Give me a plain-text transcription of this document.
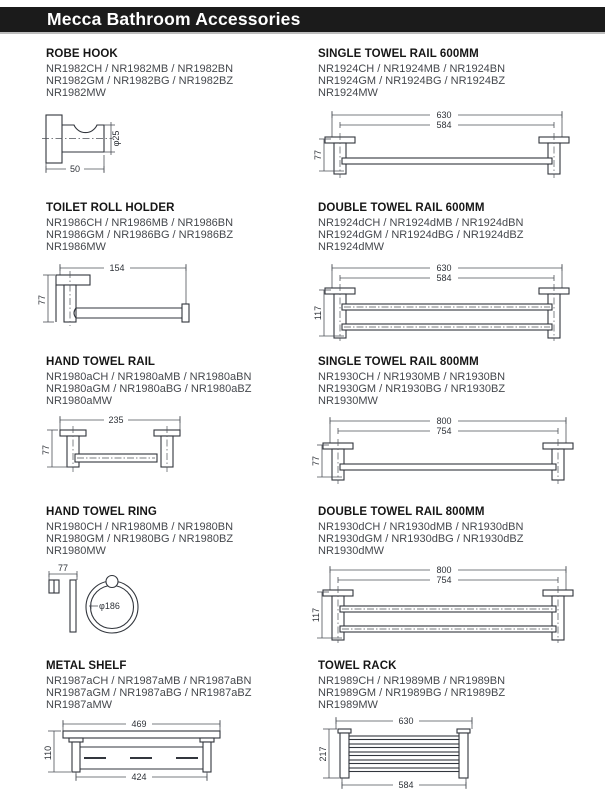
Mecca Bathroom Accessories
ROBE HOOK
NR1982CH / NR1982MB / NR1982BN
NR1982GM / NR1982BG / NR1982BZ
NR1982MW
φ25
50
SINGLE TOWEL RAIL 600MM
NR1924CH / NR1924MB / NR1924BN
NR1924GM / NR1924BG / NR1924BZ
NR1924MW
630
584
77
TOILET ROLL HOLDER
NR1986CH / NR1986MB / NR1986BN
NR1986GM / NR1986BG / NR1986BZ
NR1986MW
154
77
DOUBLE TOWEL RAIL 600MM
NR1924dCH / NR1924dMB / NR1924dBN
NR1924dGM / NR1924dBG / NR1924dBZ
NR1924dMW
630
584
117
HAND TOWEL RAIL
NR1980aCH / NR1980aMB / NR1980aBN
NR1980aGM / NR1980aBG / NR1980aBZ
NR1980aMW
235
77
SINGLE TOWEL RAIL 800MM
NR1930CH / NR1930MB / NR1930BN
NR1930GM / NR1930BG / NR1930BZ
NR1930MW
800
754
77
HAND TOWEL RING
NR1980CH / NR1980MB / NR1980BN
NR1980GM / NR1980BG / NR1980BZ
NR1980MW
77
φ186
DOUBLE TOWEL RAIL 800MM
NR1930dCH / NR1930dMB / NR1930dBN
NR1930dGM / NR1930dBG / NR1930dBZ
NR1930dMW
800
754
117
METAL SHELF
NR1987aCH / NR1987aMB / NR1987aBN
NR1987aGM / NR1987aBG / NR1987aBZ
NR1987aMW
469
424
110
TOWEL RACK
NR1989CH / NR1989MB / NR1989BN
NR1989GM / NR1989BG / NR1989BZ
NR1989MW
630
217
584
